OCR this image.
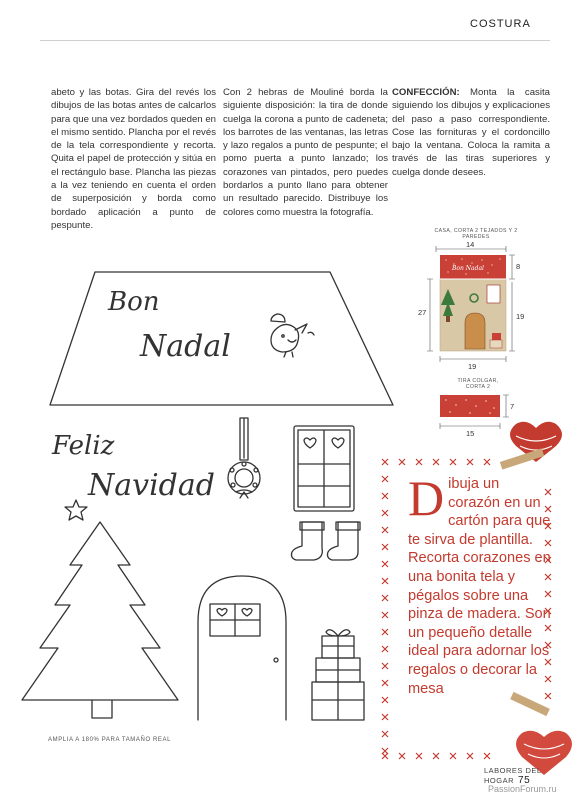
COSTURA
abeto y las botas. Gira del revés los dibujos de las botas antes de calcarlos para que una vez bordados queden en el mismo sentido. Plancha por el revés de la tela correspondiente y recorta. Quita el papel de protección y sitúa en el rectángulo base. Plancha las piezas a la vez teniendo en cuenta el orden de superposición y borda como bordado aplicación a punto de pespunte.
Con 2 hebras de Mouliné borda la siguiente disposición: la tira de donde cuelga la corona a punto de cadeneta; los barrotes de las ventanas, las letras y lazo regalos a punto de pespunte; el pomo puerta a punto lanzado; los corazones van pintados, pero puedes bordarlos a punto llano para obtener un resultado parecido. Distribuye los colores como muestra la fotografía.
CONFECCIÓN: Monta la casita siguiendo los dibujos y explicaciones del paso a paso correspondiente. Cose las fornituras y el cordoncillo bajo la ventana. Coloca la ramita a través de las tiras superiores y cuelga donde desees.
Bon
Nadal
Feliz
Navidad
Bon Nadal
CASA, CORTA 2 TEJADOS Y 2 PAREDES
14
8
27	19
19
TIRA COLGAR, CORTA 2
7
15
AMPLIA A 180% PARA TAMAÑO REAL
Dibuja un corazón en un cartón para que te sirva de plantilla. Recorta corazones en una bonita tela y pégalos sobre una pinza de madera. Son un pequeño detalle ideal para adornar los regalos o decorar la mesa
LABORES DEL HOGAR 75
PassionForum.ru
